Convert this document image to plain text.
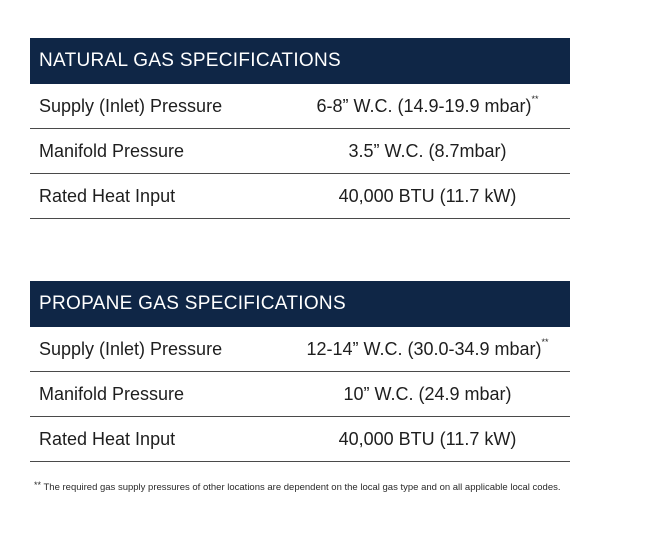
NATURAL GAS SPECIFICATIONS
Supply (Inlet) Pressure	6-8” W.C. (14.9-19.9 mbar)**
Manifold Pressure	3.5” W.C. (8.7mbar)
Rated Heat Input	40,000 BTU (11.7 kW)
PROPANE GAS SPECIFICATIONS
Supply (Inlet) Pressure	12-14” W.C. (30.0-34.9 mbar)**
Manifold Pressure	10” W.C. (24.9 mbar)
Rated Heat Input	40,000 BTU (11.7 kW)
** The required gas supply pressures of other locations are dependent on the local gas type and on all applicable local codes.
